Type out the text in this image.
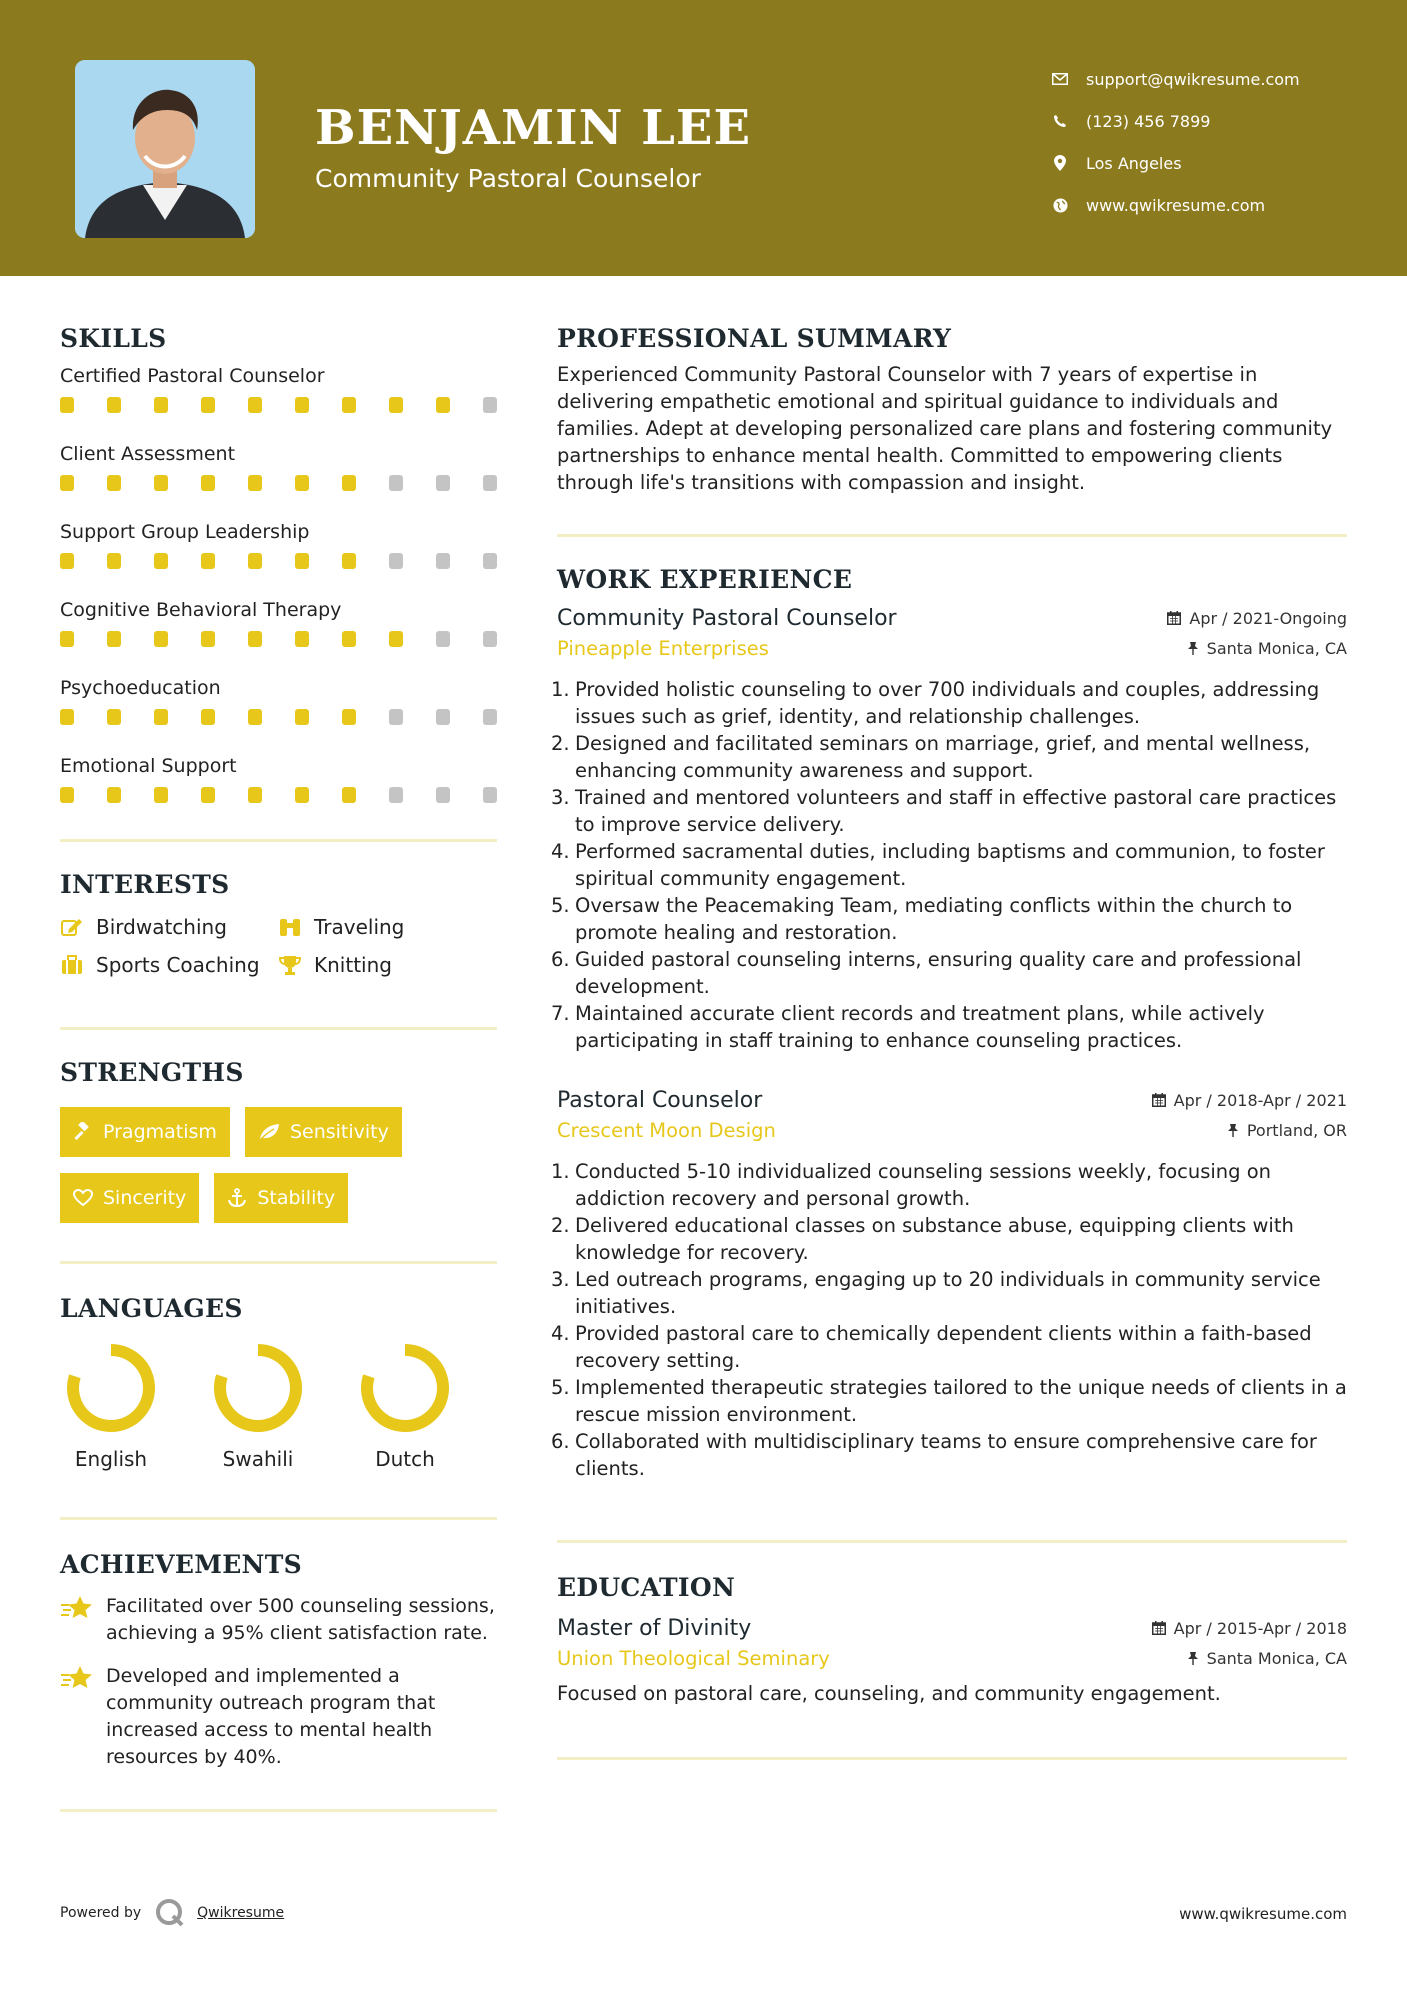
BENJAMIN LEE
Community Pastoral Counselor
support@qwikresume.com
(123) 456 7899
Los Angeles
www.qwikresume.com
SKILLS
Certified Pastoral Counselor
Client Assessment
Support Group Leadership
Cognitive Behavioral Therapy
Psychoeducation
Emotional Support
INTERESTS
Birdwatching	Traveling
Sports Coaching	Knitting
STRENGTHS
Pragmatism	Sensitivity
Sincerity	Stability
LANGUAGES
English	Swahili	Dutch
ACHIEVEMENTS
Facilitated over 500 counseling sessions, achieving a 95% client satisfaction rate.
Developed and implemented a community outreach program that increased access to mental health resources by 40%.
PROFESSIONAL SUMMARY
Experienced Community Pastoral Counselor with 7 years of expertise in delivering empathetic emotional and spiritual guidance to individuals and families. Adept at developing personalized care plans and fostering community partnerships to enhance mental health. Committed to empowering clients through life's transitions with compassion and insight.
WORK EXPERIENCE
Community Pastoral Counselor	Apr / 2021-Ongoing
Pineapple Enterprises	Santa Monica, CA
1. Provided holistic counseling to over 700 individuals and couples, addressing issues such as grief, identity, and relationship challenges.
2. Designed and facilitated seminars on marriage, grief, and mental wellness, enhancing community awareness and support.
3. Trained and mentored volunteers and staff in effective pastoral care practices to improve service delivery.
4. Performed sacramental duties, including baptisms and communion, to foster spiritual community engagement.
5. Oversaw the Peacemaking Team, mediating conflicts within the church to promote healing and restoration.
6. Guided pastoral counseling interns, ensuring quality care and professional development.
7. Maintained accurate client records and treatment plans, while actively participating in staff training to enhance counseling practices.
Pastoral Counselor	Apr / 2018-Apr / 2021
Crescent Moon Design	Portland, OR
1. Conducted 5-10 individualized counseling sessions weekly, focusing on addiction recovery and personal growth.
2. Delivered educational classes on substance abuse, equipping clients with knowledge for recovery.
3. Led outreach programs, engaging up to 20 individuals in community service initiatives.
4. Provided pastoral care to chemically dependent clients within a faith-based recovery setting.
5. Implemented therapeutic strategies tailored to the unique needs of clients in a rescue mission environment.
6. Collaborated with multidisciplinary teams to ensure comprehensive care for clients.
EDUCATION
Master of Divinity	Apr / 2015-Apr / 2018
Union Theological Seminary	Santa Monica, CA
Focused on pastoral care, counseling, and community engagement.
Powered by	Qwikresume	www.qwikresume.com
